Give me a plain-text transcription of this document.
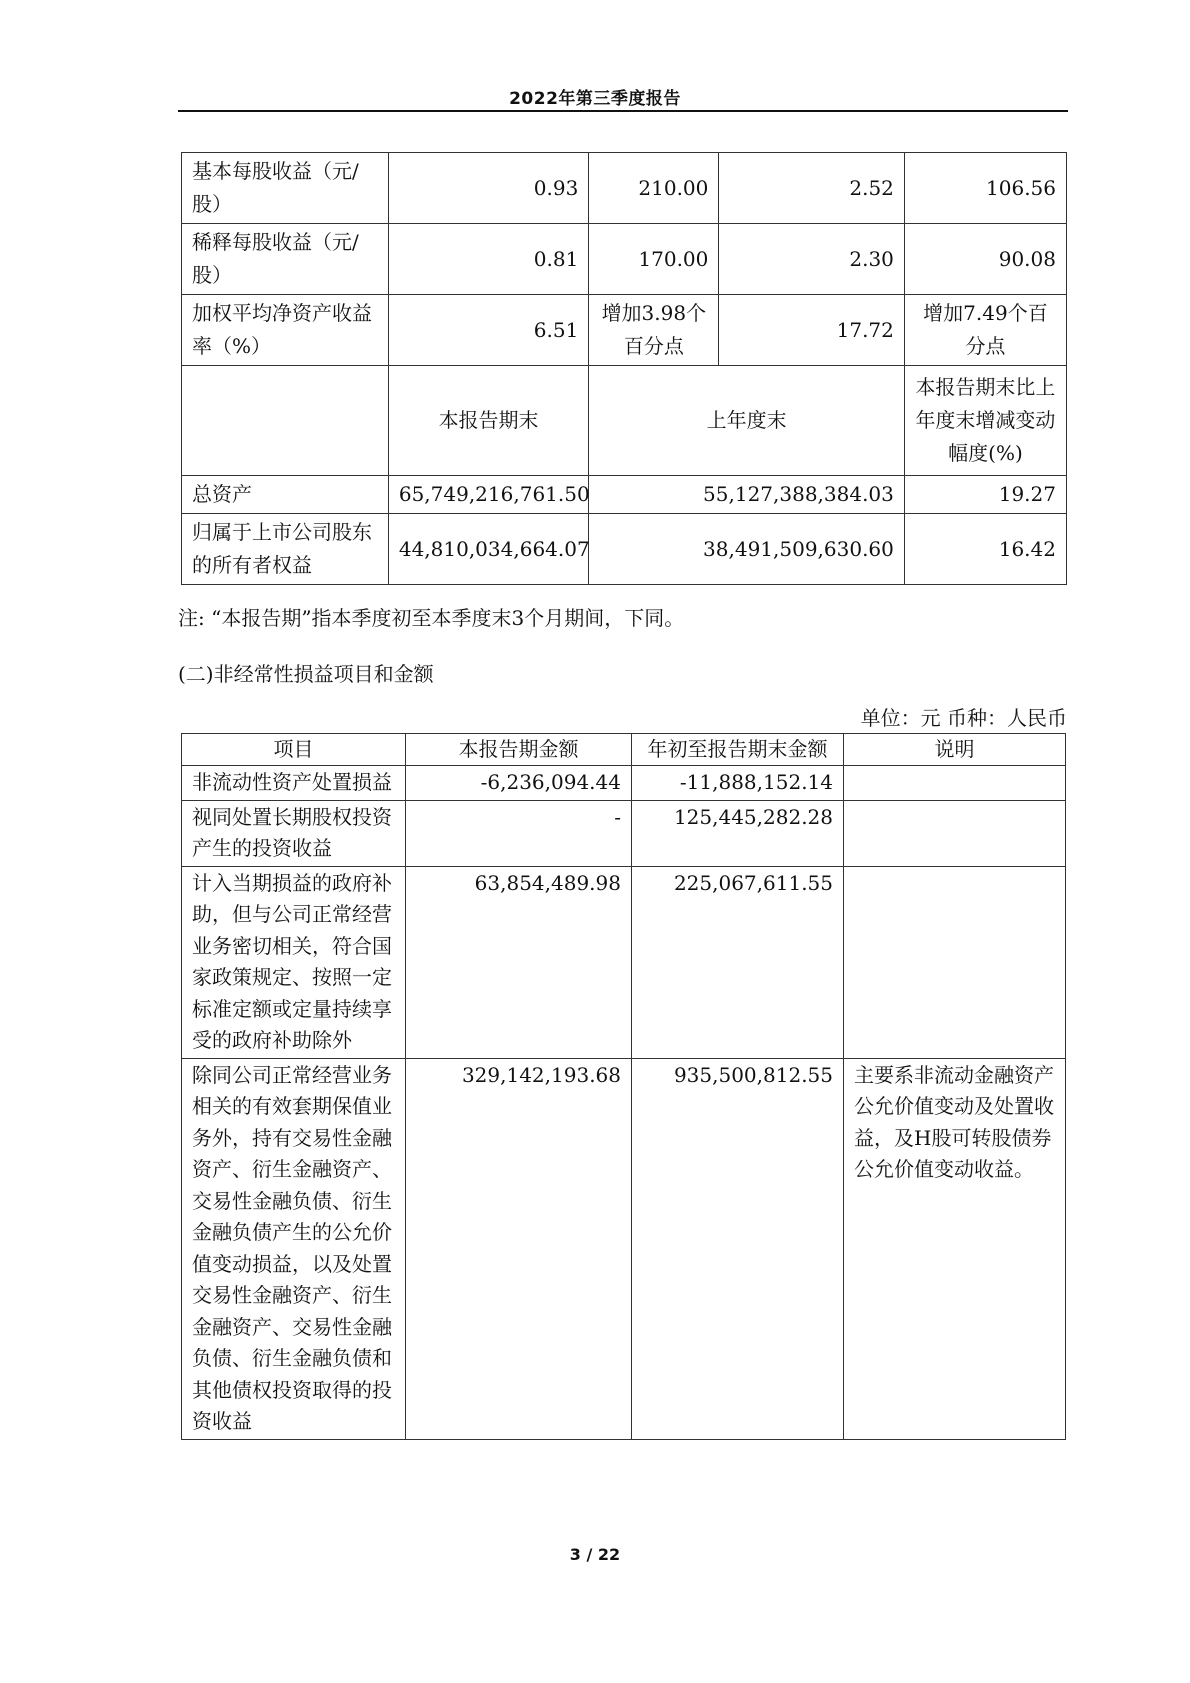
2022年第三季度报告
基本每股收益（元/股）	0.93	210.00	2.52	106.56
稀释每股收益（元/股）	0.81	170.00	2.30	90.08
加权平均净资产收益率（%）	6.51	增加3.98个百分点	17.72	增加7.49个百分点
	本报告期末	上年度末		本报告期末比上年度末增减变动幅度(%)
总资产	65,749,216,761.50	55,127,388,384.03		19.27
归属于上市公司股东的所有者权益	44,810,034,664.07	38,491,509,630.60		16.42
注: “本报告期”指本季度初至本季度末3个月期间，下同。
(二)非经常性损益项目和金额
单位：元 币种：人民币
项目	本报告期金额	年初至报告期末金额	说明
非流动性资产处置损益	-6,236,094.44	-11,888,152.14	
视同处置长期股权投资产生的投资收益	-	125,445,282.28	
计入当期损益的政府补助，但与公司正常经营业务密切相关，符合国家政策规定、按照一定标准定额或定量持续享受的政府补助除外	63,854,489.98	225,067,611.55	
除同公司正常经营业务相关的有效套期保值业务外，持有交易性金融资产、衍生金融资产、交易性金融负债、衍生金融负债产生的公允价值变动损益，以及处置交易性金融资产、衍生金融资产、交易性金融负债、衍生金融负债和其他债权投资取得的投资收益	329,142,193.68	935,500,812.55	主要系非流动金融资产公允价值变动及处置收益，及H股可转股债券公允价值变动收益。
3 / 22
